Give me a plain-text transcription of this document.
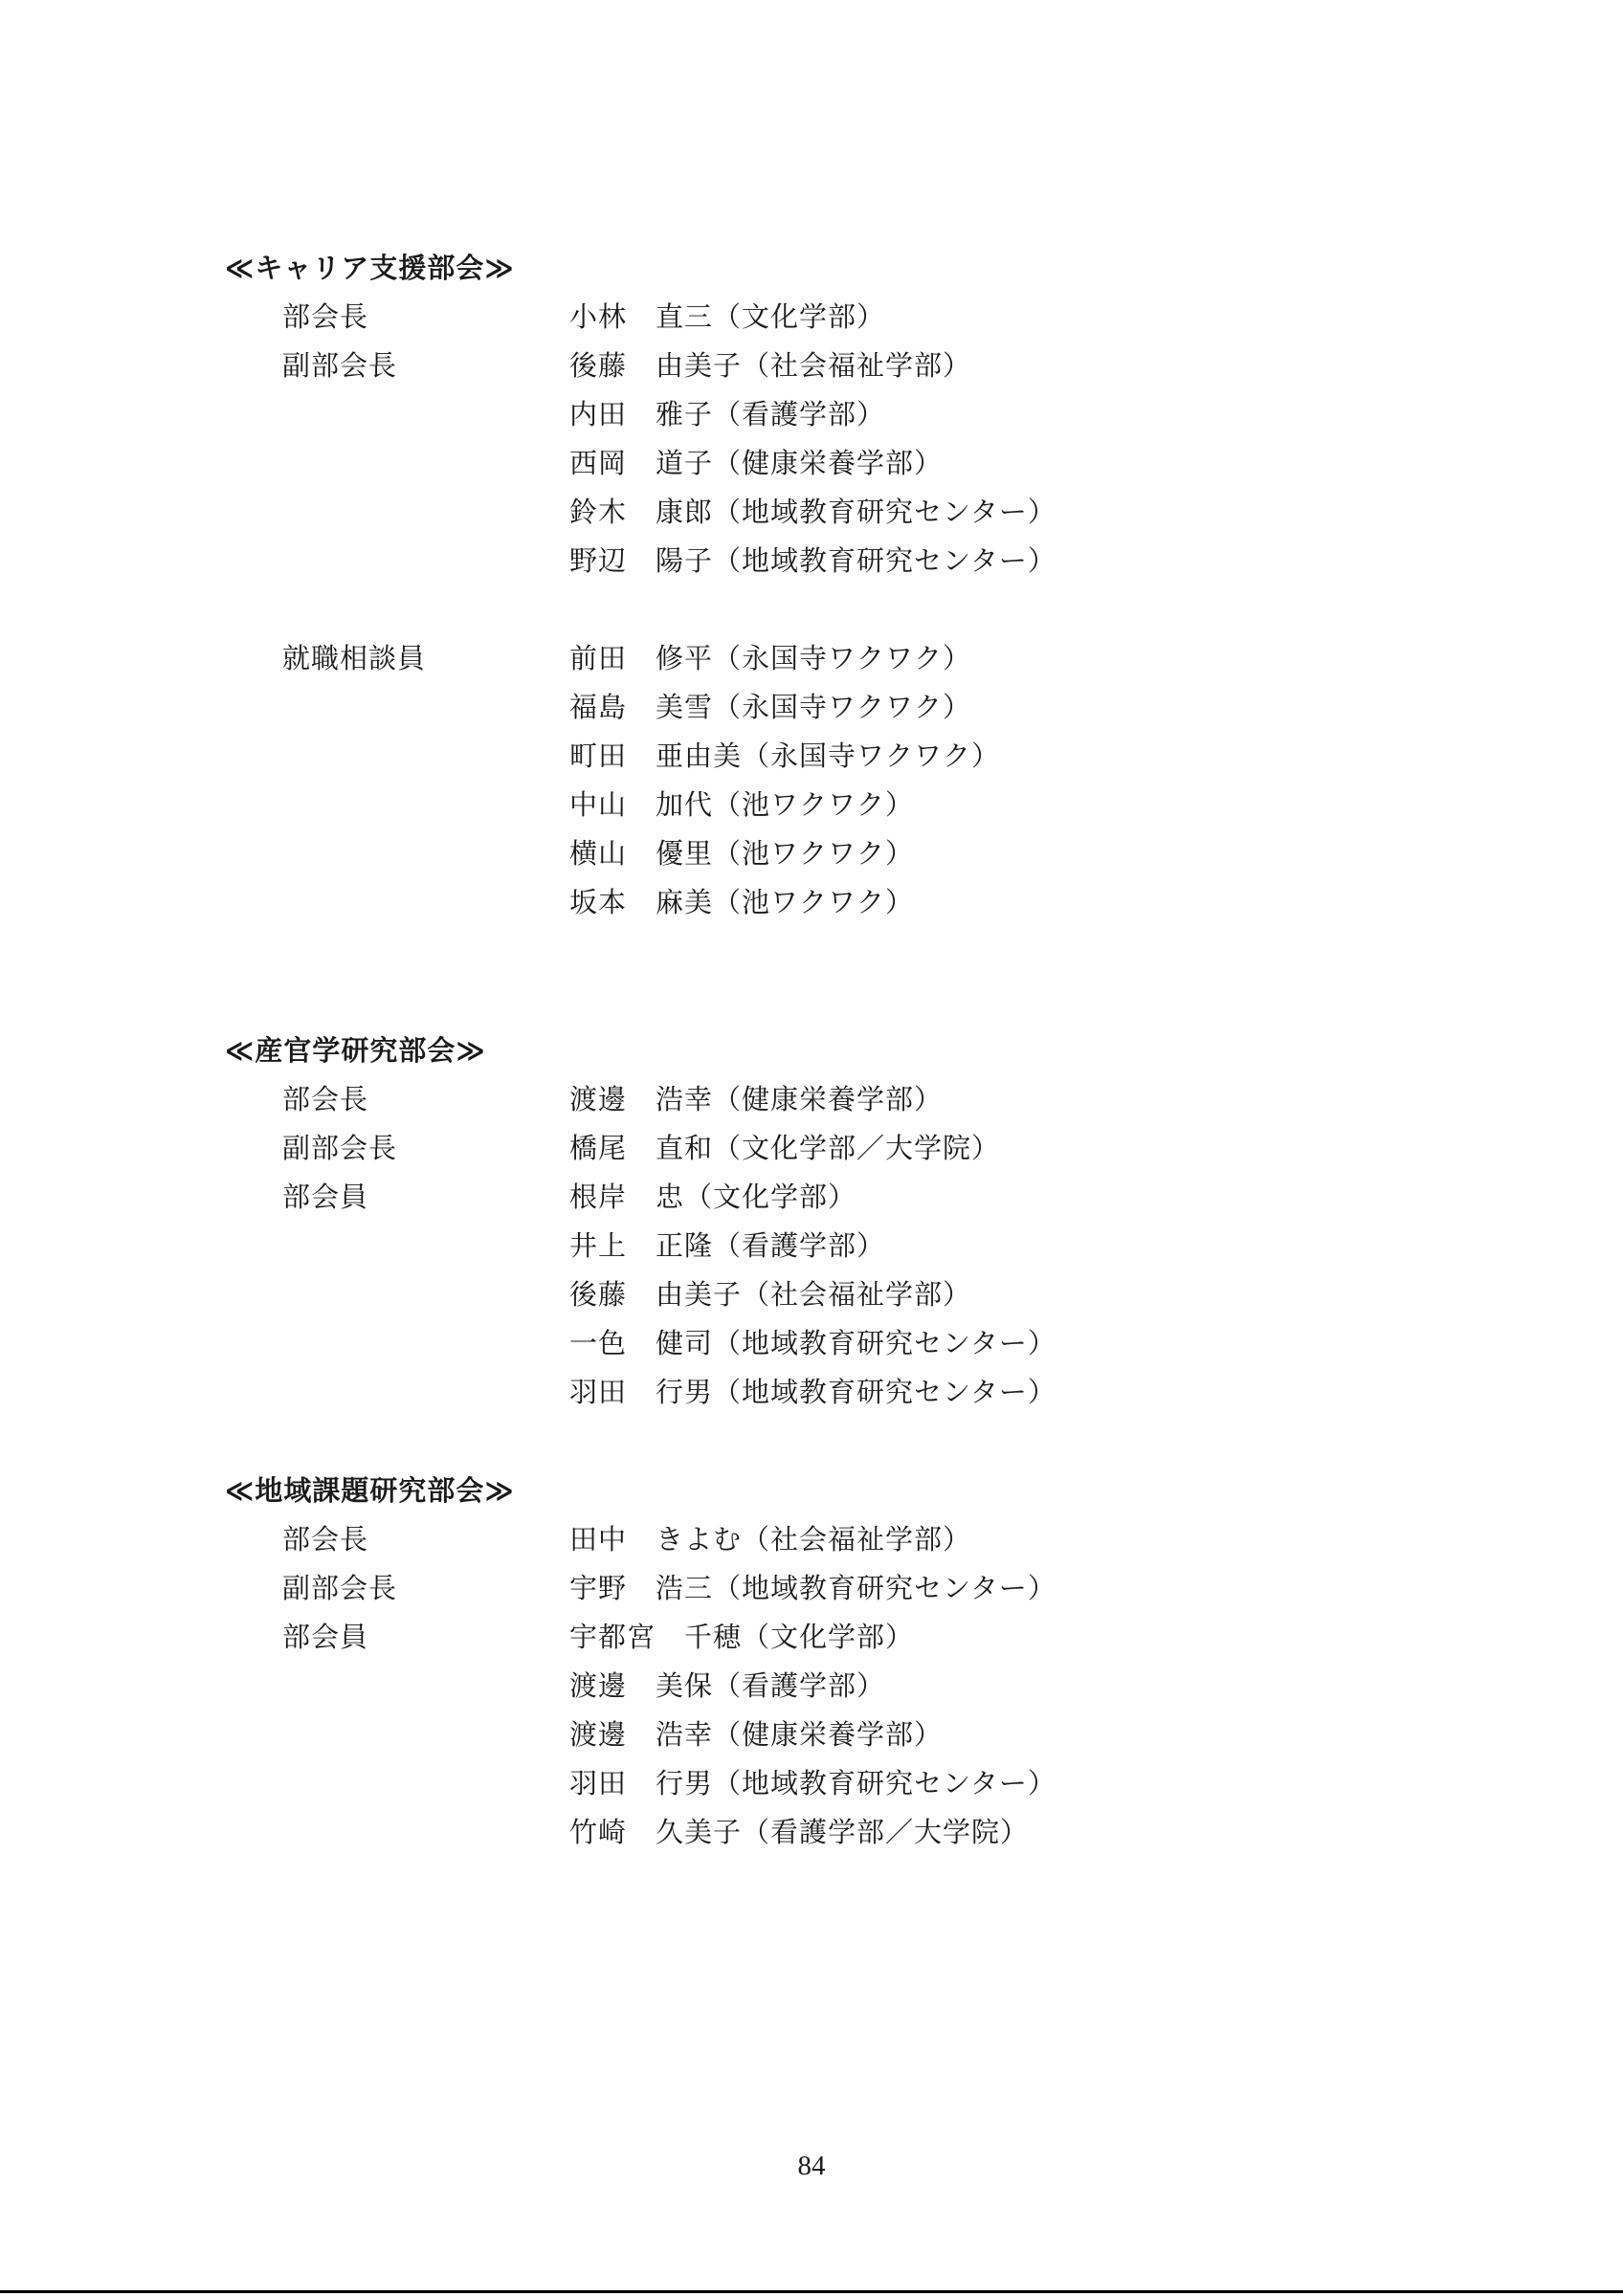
≪キャリア支援部会≫
部会長	小林　直三（文化学部）
副部会長	後藤　由美子（社会福祉学部）
内田　雅子（看護学部）
西岡　道子（健康栄養学部）
鈴木　康郎（地域教育研究センター）
野辺　陽子（地域教育研究センター）
就職相談員	前田　修平（永国寺ワクワク）
福島　美雪（永国寺ワクワク）
町田　亜由美（永国寺ワクワク）
中山　加代（池ワクワク）
横山　優里（池ワクワク）
坂本　麻美（池ワクワク）
≪産官学研究部会≫
部会長	渡邊　浩幸（健康栄養学部）
副部会長	橋尾　直和（文化学部／大学院）
部会員	根岸　忠（文化学部）
井上　正隆（看護学部）
後藤　由美子（社会福祉学部）
一色　健司（地域教育研究センター）
羽田　行男（地域教育研究センター）
≪地域課題研究部会≫
部会長	田中　きよむ（社会福祉学部）
副部会長	宇野　浩三（地域教育研究センター）
部会員	宇都宮　千穂（文化学部）
渡邊　美保（看護学部）
渡邊　浩幸（健康栄養学部）
羽田　行男（地域教育研究センター）
竹崎　久美子（看護学部／大学院）
84
